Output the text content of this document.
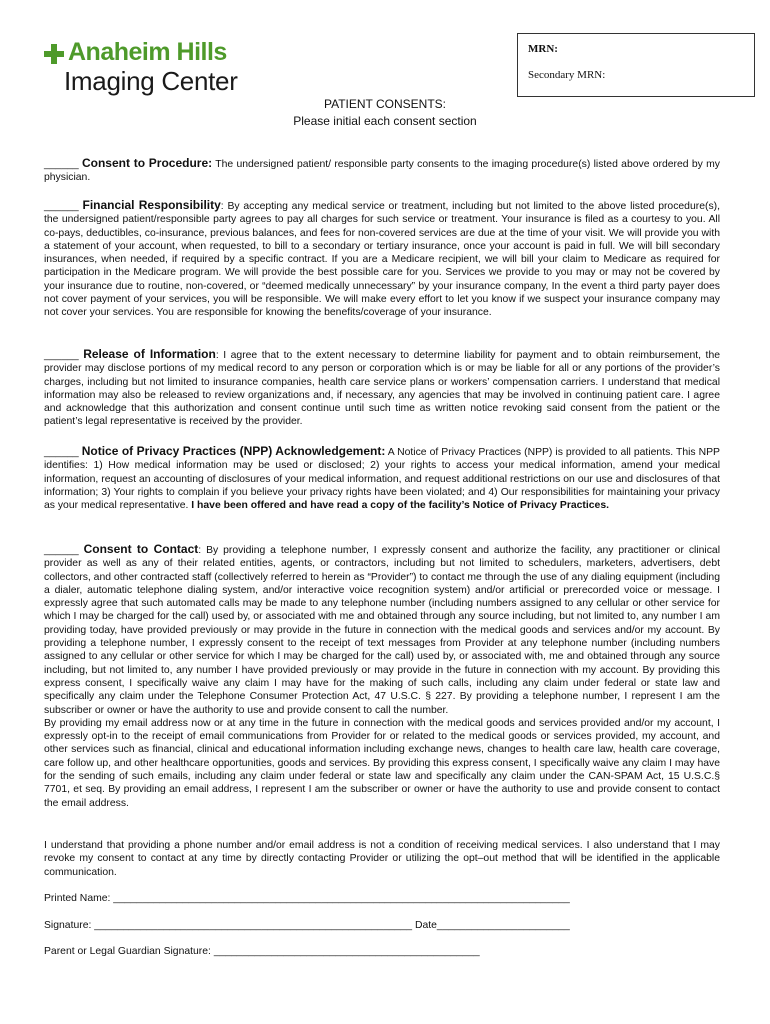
Anaheim Hills
Imaging Center
MRN:
Secondary MRN:
PATIENT CONSENTS:
Please initial each consent section
______ Consent to Procedure: The undersigned patient/ responsible party consents to the imaging procedure(s) listed above ordered by my physician.
______ Financial Responsibility: By accepting any medical service or treatment, including but not limited to the above listed procedure(s), the undersigned patient/responsible party agrees to pay all charges for such service or treatment. Your insurance is filed as a courtesy to you. All co-pays, deductibles, co-insurance, previous balances, and fees for non-covered services are due at the time of your visit. We will provide you with a statement of your account, when requested, to bill to a secondary or tertiary insurance, once your account is paid in full. We will bill secondary insurances, when needed, if required by a specific contract. If you are a Medicare recipient, we will bill your claim to Medicare as required for participation in the Medicare program. We will provide the best possible care for you. Services we provide to you may or may not be covered by your insurance due to routine, non-covered, or “deemed medically unnecessary” by your insurance company, In the event a third party payer does not cover payment of your services, you will be responsible. We will make every effort to let you know if we suspect your insurance company may not cover your services. You are responsible for knowing the benefits/coverage of your insurance.
______ Release of Information: I agree that to the extent necessary to determine liability for payment and to obtain reimbursement, the provider may disclose portions of my medical record to any person or corporation which is or may be liable for all or any portions of the provider’s charges, including but not limited to insurance companies, health care service plans or workers’ compensation carriers. I understand that medical information may also be released to review organizations and, if necessary, any agencies that may be involved in continuing patient care. I agree and acknowledge that this authorization and consent continue until such time as written notice revoking said consent from the patient or the patient’s legal representative is received by the provider.
______ Notice of Privacy Practices (NPP) Acknowledgement: A Notice of Privacy Practices (NPP) is provided to all patients. This NPP identifies: 1) How medical information may be used or disclosed; 2) your rights to access your medical information, amend your medical information, request an accounting of disclosures of your medical information, and request additional restrictions on our use and disclosures of that information; 3) Your rights to complain if you believe your privacy rights have been violated; and 4) Our responsibilities for maintaining your privacy as your medical representative. I have been offered and have read a copy of the facility’s Notice of Privacy Practices.
______ Consent to Contact: By providing a telephone number, I expressly consent and authorize the facility, any practitioner or clinical provider as well as any of their related entities, agents, or contractors, including but not limited to schedulers, marketers, advertisers, debt collectors, and other contracted staff (collectively referred to herein as “Provider”) to contact me through the use of any dialing equipment (including a dialer, automatic telephone dialing system, and/or interactive voice recognition system) and/or artificial or prerecorded voice or message. I expressly agree that such automated calls may be made to any telephone number (including numbers assigned to any cellular or other service for which I may be charged for the call) used by, or associated with me and obtained through any source including, but not limited to, any number I am providing today, have provided previously or may provide in the future in connection with the medical goods and services and/or my account. By providing a telephone number, I expressly consent to the receipt of text messages from Provider at any telephone number (including numbers assigned to any cellular or other service for which I may be charged for the call) used by, or associated with, me and obtained through any source including, but not limited to, any number I have provided previously or may provide in the future in connection with my account. By providing this express consent, I specifically waive any claim I may have for the making of such calls, including any claim under federal or state law and specifically any claim under the Telephone Consumer Protection Act, 47 U.S.C. § 227. By providing a telephone number, I represent I am the subscriber or owner or have the authority to use and provide consent to call the number.
By providing my email address now or at any time in the future in connection with the medical goods and services provided and/or my account, I expressly opt-in to the receipt of email communications from Provider for or related to the medical goods or services provided, my account, and other services such as financial, clinical and educational information including exchange news, changes to health care law, health care coverage, care follow up, and other healthcare opportunities, goods and services. By providing this express consent, I specifically waive any claim I may have for the sending of such emails, including any claim under federal or state law and specifically any claim under the CAN-SPAM Act, 15 U.S.C.§ 7701, et seq. By providing an email address, I represent I am the subscriber or owner or have the authority to use and provide consent to contact the email address.
I understand that providing a phone number and/or email address is not a condition of receiving medical services. I also understand that I may revoke my consent to contact at any time by directly contacting Provider or utilizing the opt–out method that will be identified in the applicable communication.
Printed Name: _______________________________________________________________________________
Signature: _______________________________________________________ Date_______________________
Parent or Legal Guardian Signature: ______________________________________________
